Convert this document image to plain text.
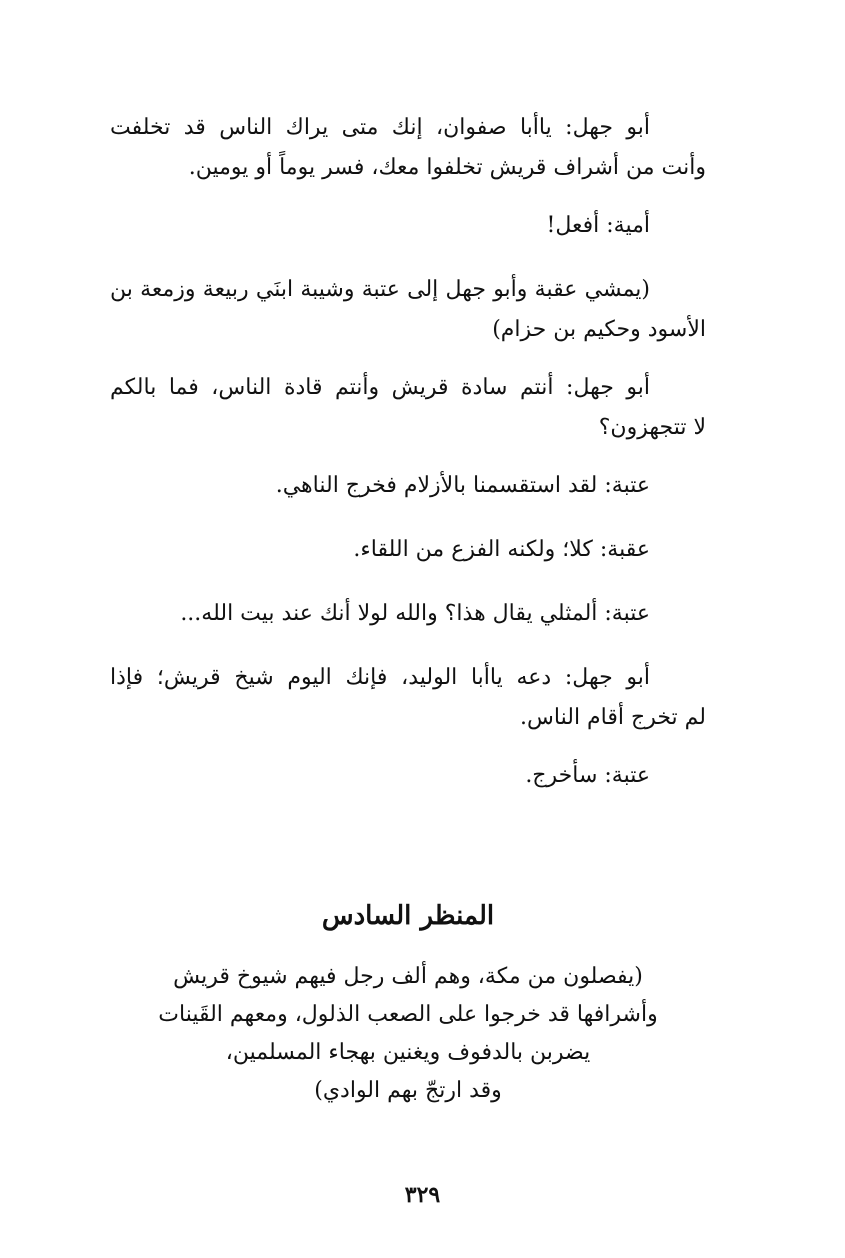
أبو جهل: ياأبا صفوان، إنك متى يراك الناس قد تخلفت
وأنت من أشراف قريش تخلفوا معك، فسر يوماً أو يومين.
أمية: أفعل!
(يمشي عقبة وأبو جهل إلى عتبة وشيبة ابنَي ربيعة وزمعة بن
الأسود وحكيم بن حزام)
أبو جهل: أنتم سادة قريش وأنتم قادة الناس، فما بالكم
لا تتجهزون؟
عتبة: لقد استقسمنا بالأزلام فخرج الناهي.
عقبة: كلا؛ ولكنه الفزع من اللقاء.
عتبة: ألمثلي يقال هذا؟ والله لولا أنك عند بيت الله...
أبو جهل: دعه ياأبا الوليد، فإنك اليوم شيخ قريش؛ فإذا
لم تخرج أقام الناس.
عتبة: سأخرج.
المنظر السادس
(يفصلون من مكة، وهم ألف رجل فيهم شيوخ قريش
وأشرافها قد خرجوا على الصعب الذلول، ومعهم القَينات
يضربن بالدفوف ويغنين بهجاء المسلمين،
وقد ارتجّ بهم الوادي)
٣٢٩
